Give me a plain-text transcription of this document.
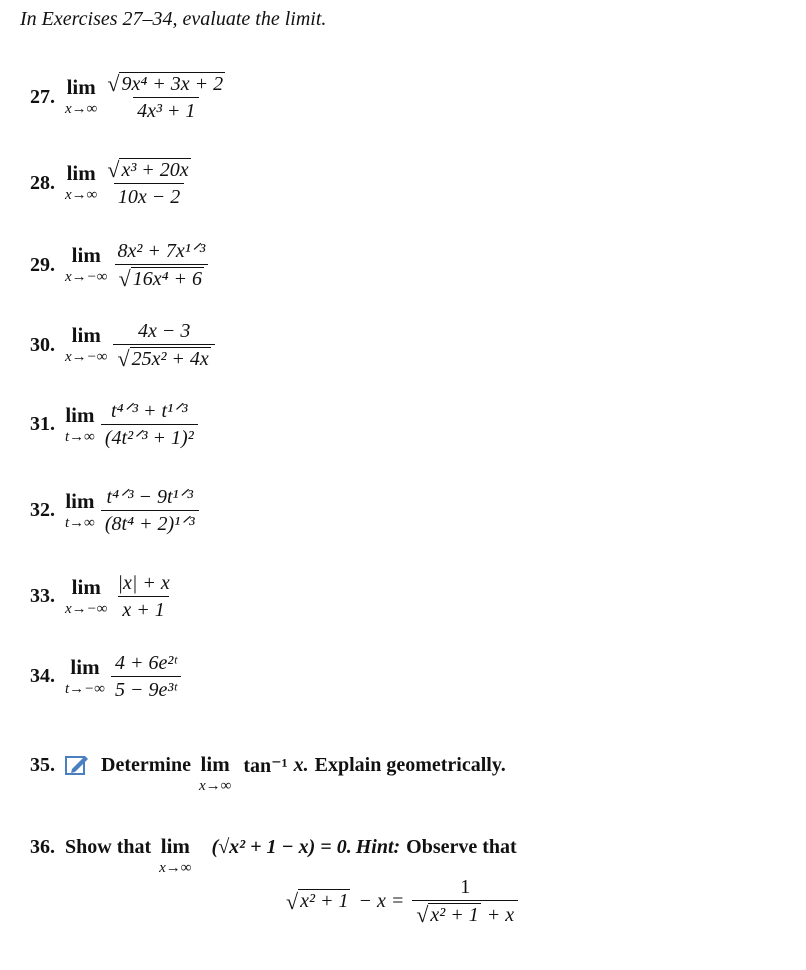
In Exercises 27–34, evaluate the limit.
27. lim
$x\to\infty \frac{\text{√ 9x⁴ + 3x + 2}}{\text{4x³ + 1}}$
28. lim
$x\to\infty \frac{\text{√ x³ + 20x}}{10x - 2}$
29. lim
$x\to-\infty \frac{\text{8x² + 7x¹ᐟ³}}{\text{√ 16x⁴ + 6}}$
30. lim
$x\to-\infty \frac{4x - 3}{\text{√ 25x² + 4x}}$
31. lim
$t\to\infty \frac{\text{t⁴ᐟ³ + t¹ᐟ³}}{\text{(4t²ᐟ³ + 1)²}}$
32. lim
$t\to\infty \frac{\text{t⁴ᐟ³ − 9t¹ᐟ³}}{\text{(8t⁴ + 2)¹ᐟ³}}$
33. lim
$x\to-\infty \frac{|x| + x}{x + 1}$
34. lim
$t\to-\infty \frac{\text{4 + 6e²ᵗ}}{\text{5 − 9e³ᵗ}}$
35. Determine lim
x→∞
tan⁻¹ x. Explain geometrically.
36. Show that lim
x→∞
(√x² + 1 − x) = 0. Hint: Observe that
√ $x^2 + 1 - x = \frac{1}{\text{√ x² + 1 + x}}$
